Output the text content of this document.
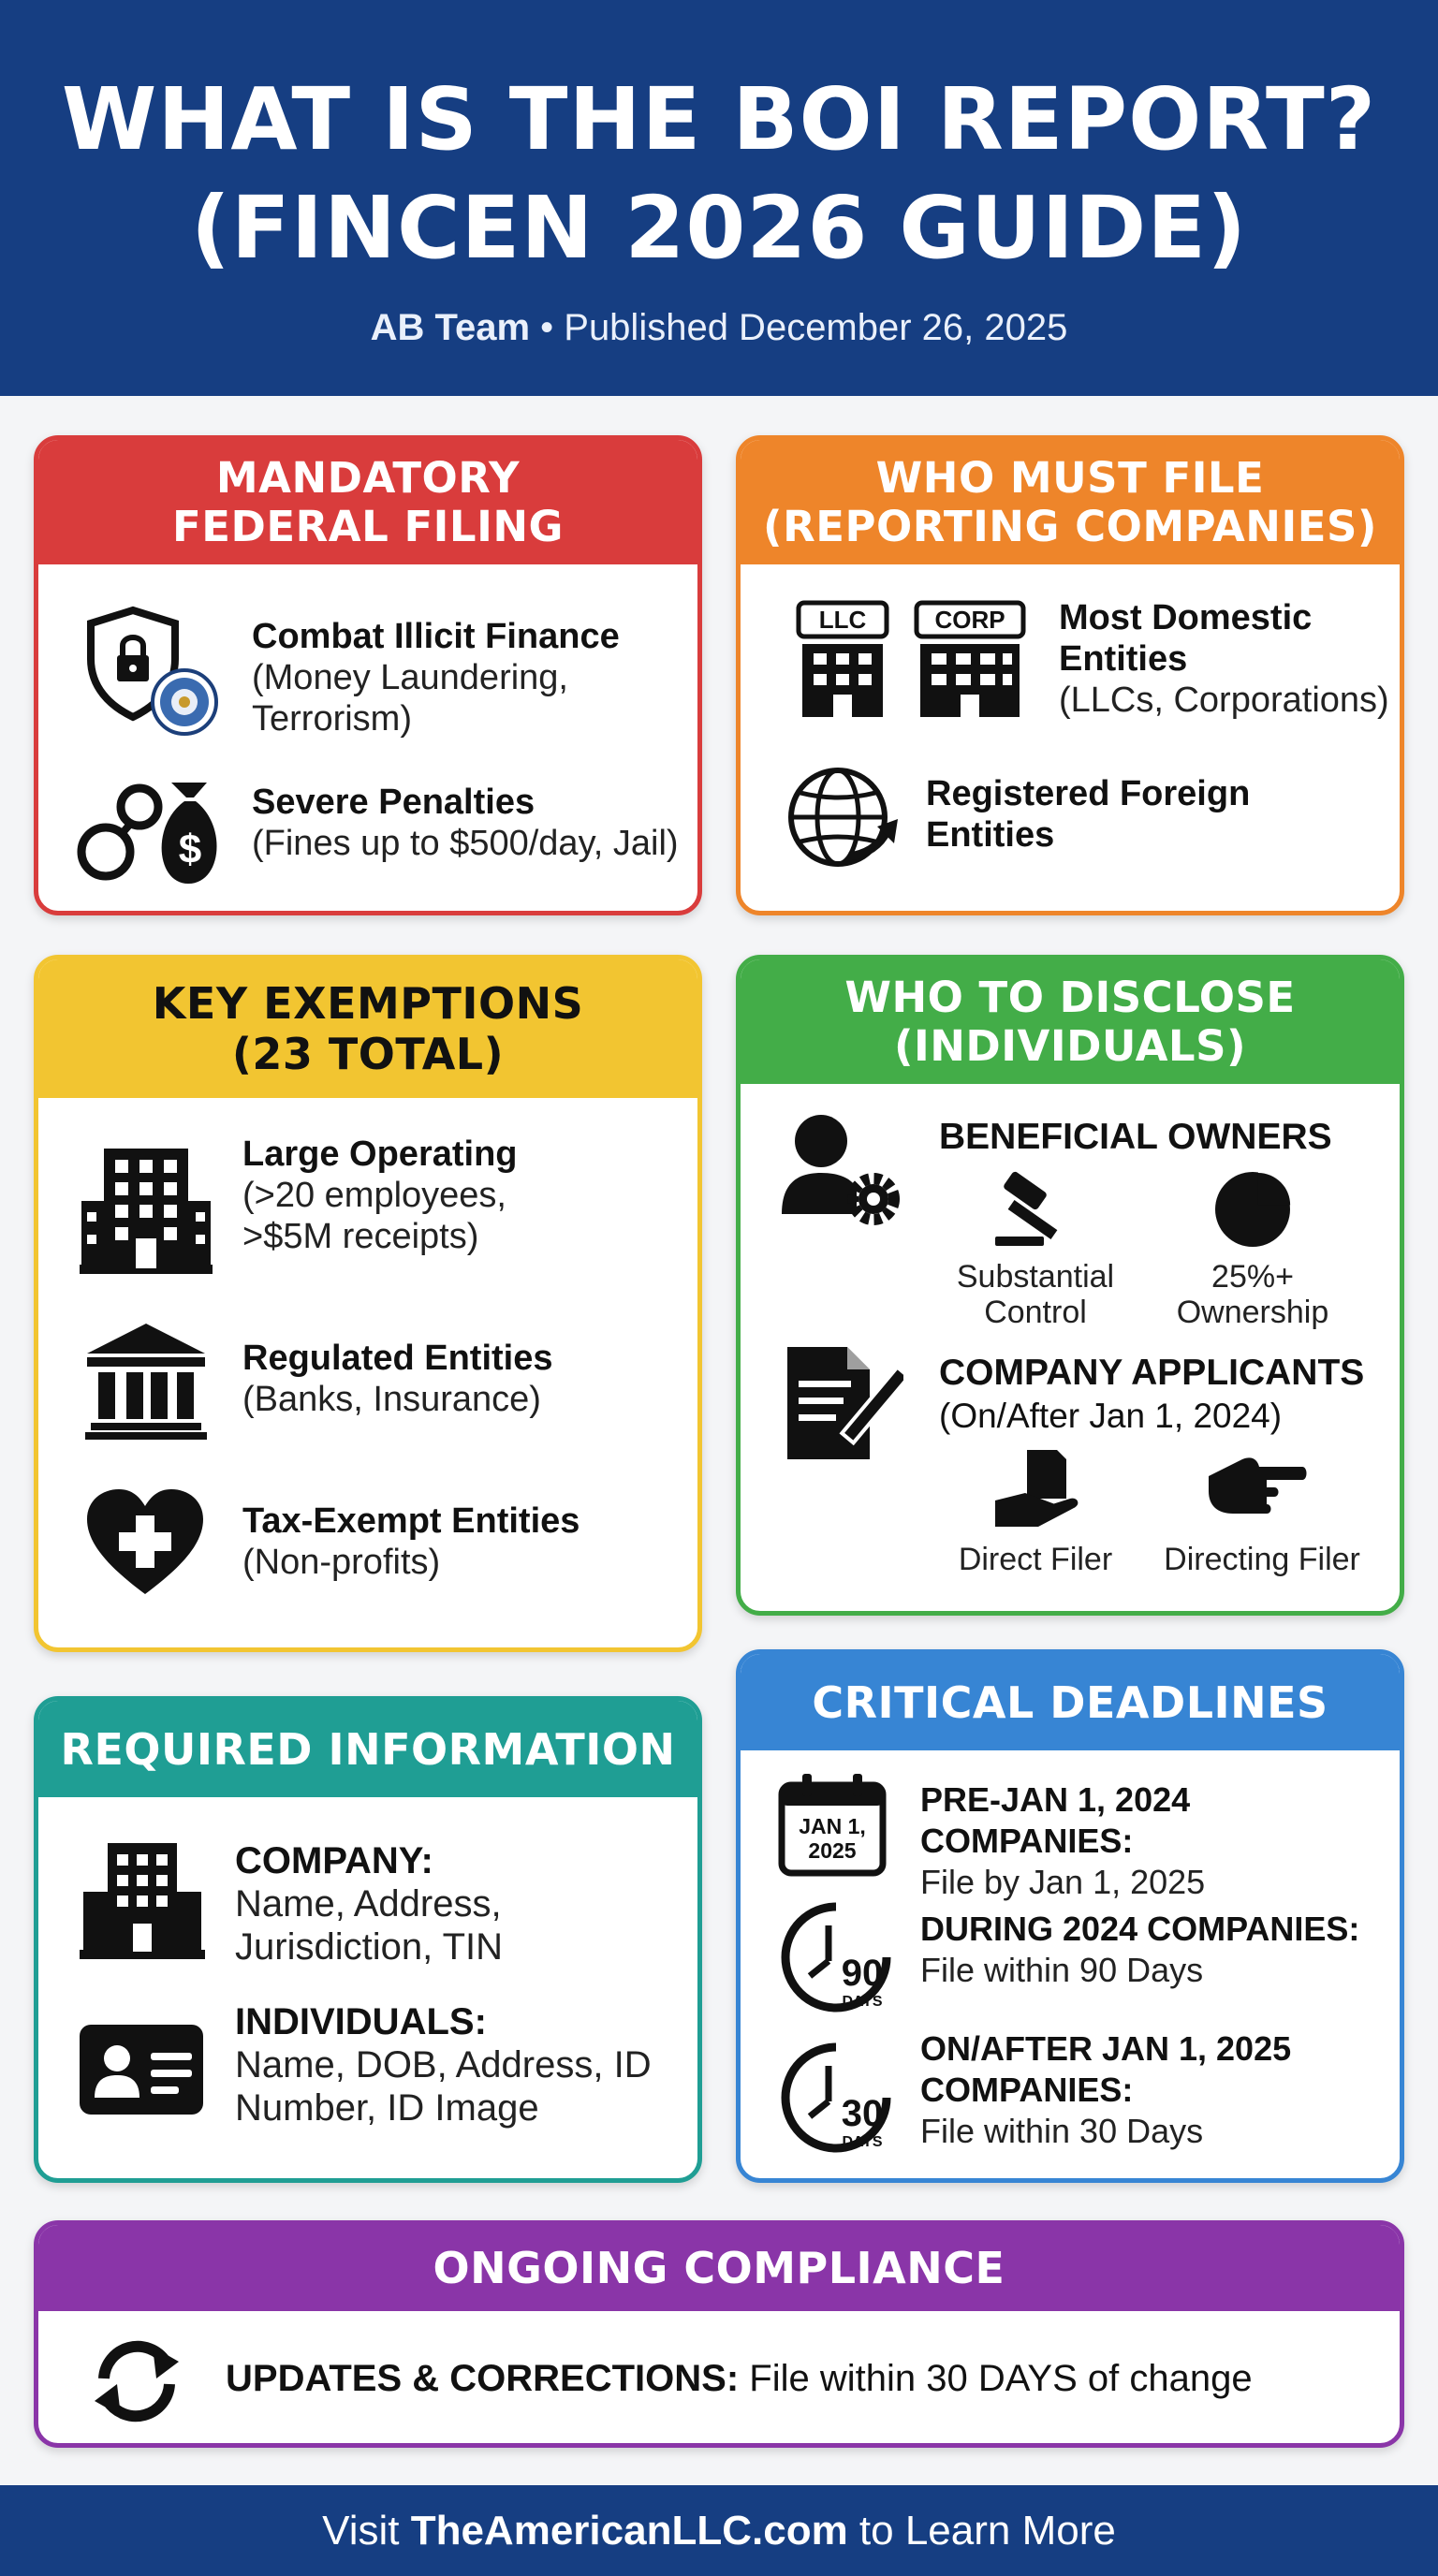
WHAT IS THE BOI REPORT?
(FINCEN 2026 GUIDE)
AB Team • Published December 26, 2025
MANDATORY
FEDERAL FILING
Combat Illicit Finance
(Money Laundering,
Terrorism)
$
Severe Penalties
(Fines up to $500/day, Jail)
WHO MUST FILE
(REPORTING COMPANIES)
LLC	CORP Most Domestic
Entities
(LLCs, Corporations)
Registered Foreign
Entities
KEY EXEMPTIONS
(23 TOTAL)
Large Operating
(>20 employees,
>$5M receipts)
Regulated Entities
(Banks, Insurance)
Tax-Exempt Entities
(Non-profits)
WHO TO DISCLOSE
(INDIVIDUALS)
BENEFICIAL OWNERS
Substantial
Control
25%+
Ownership
COMPANY APPLICANTS
(On/After Jan 1, 2024)
Direct Filer	Directing Filer
REQUIRED INFORMATION
COMPANY:
Name, Address,
Jurisdiction, TIN
INDIVIDUALS:
Name, DOB, Address, ID
Number, ID Image
CRITICAL DEADLINES
JAN 1,
2025
PRE-JAN 1, 2024 COMPANIES:
File by Jan 1, 2025
90
DAYS
DURING 2024 COMPANIES:
File within 90 Days
30
DAYS
ON/AFTER JAN 1, 2025
COMPANIES:
File within 30 Days
ONGOING COMPLIANCE
UPDATES & CORRECTIONS: File within 30 DAYS of change
Visit TheAmericanLLC.com to Learn More
